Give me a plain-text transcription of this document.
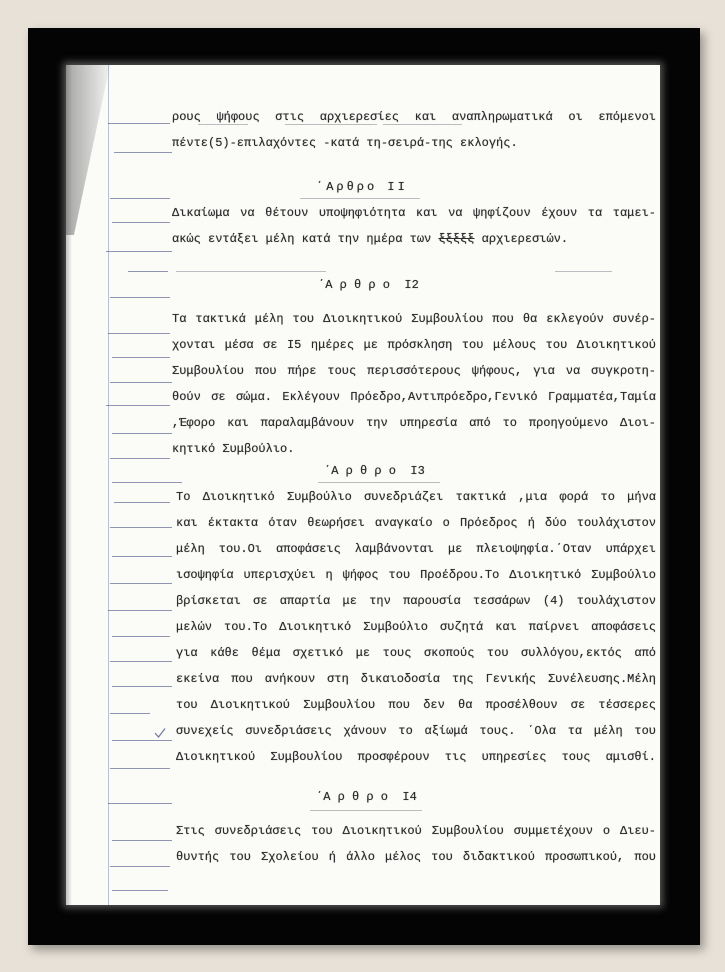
ρους ψήφους στις αρχιερεσίες και αναπληρωματικά οι επόμενοι
πέντε(5)-επιλαχόντες -κατά τη-σειρά-της εκλογής.
΄Αρθρο ΙΙ
Δικαίωμα να θέτουν υποψηφιότητα και να ψηφίζουν έχουν τα ταμει-
ακώς εντάξει μέλη κατά την ημέρα των ξξξξξ αρχιερεσιών.
΄Α ρ θ ρ ο  Ι2
Τα τακτικά μέλη του Διοικητικού Συμβουλίου που θα εκλεγούν συνέρ-
χονται μέσα σε Ι5 ημέρες με πρόσκληση του μέλους του Διοικητικού
Συμβουλίου που πήρε τους περισσότερους ψήφους, για να συγκροτη-
θούν σε σώμα. Εκλέγουν Πρόεδρο,Αντιπρόεδρο,Γενικό Γραμματέα,Ταμία
,Έφορο και παραλαμβάνουν την υπηρεσία από το προηγούμενο Διοι-
κητικό Συμβούλιο.
΄Α ρ θ ρ ο  Ι3
Το Διοικητικό Συμβούλιο συνεδριάζει τακτικά ,μια φορά το μήνα
και έκτακτα όταν θεωρήσει αναγκαίο ο Πρόεδρος ή δύο τουλάχιστον
μέλη του.Οι αποφάσεις λαμβάνονται με πλειοψηφία.΄Οταν υπάρχει
ισοψηφία υπερισχύει η ψήφος του Προέδρου.Το Διοικητικό Συμβούλιο
βρίσκεται σε απαρτία με την παρουσία τεσσάρων (4) τουλάχιστον
μελών του.Το Διοικητικό Συμβούλιο συζητά και παίρνει αποφάσεις
για κάθε θέμα σχετικό με τους σκοπούς του συλλόγου,εκτός από
εκείνα που ανήκουν στη δικαιοδοσία της Γενικής Συνέλευσης.Μέλη
του Διοικητικού Συμβουλίου που δεν θα προσέλθουν σε τέσσερες
συνεχείς συνεδριάσεις χάνουν το αξίωμά τους. ΄Ολα τα μέλη του
Διοικητικού Συμβουλίου προσφέρουν τις υπηρεσίες τους αμισθί.
΄Α ρ θ ρ ο  Ι4
Στις συνεδριάσεις του Διοικητικού Συμβουλίου συμμετέχουν ο Διευ-
θυντής του Σχολείου ή άλλο μέλος του διδακτικού προσωπικού, που
